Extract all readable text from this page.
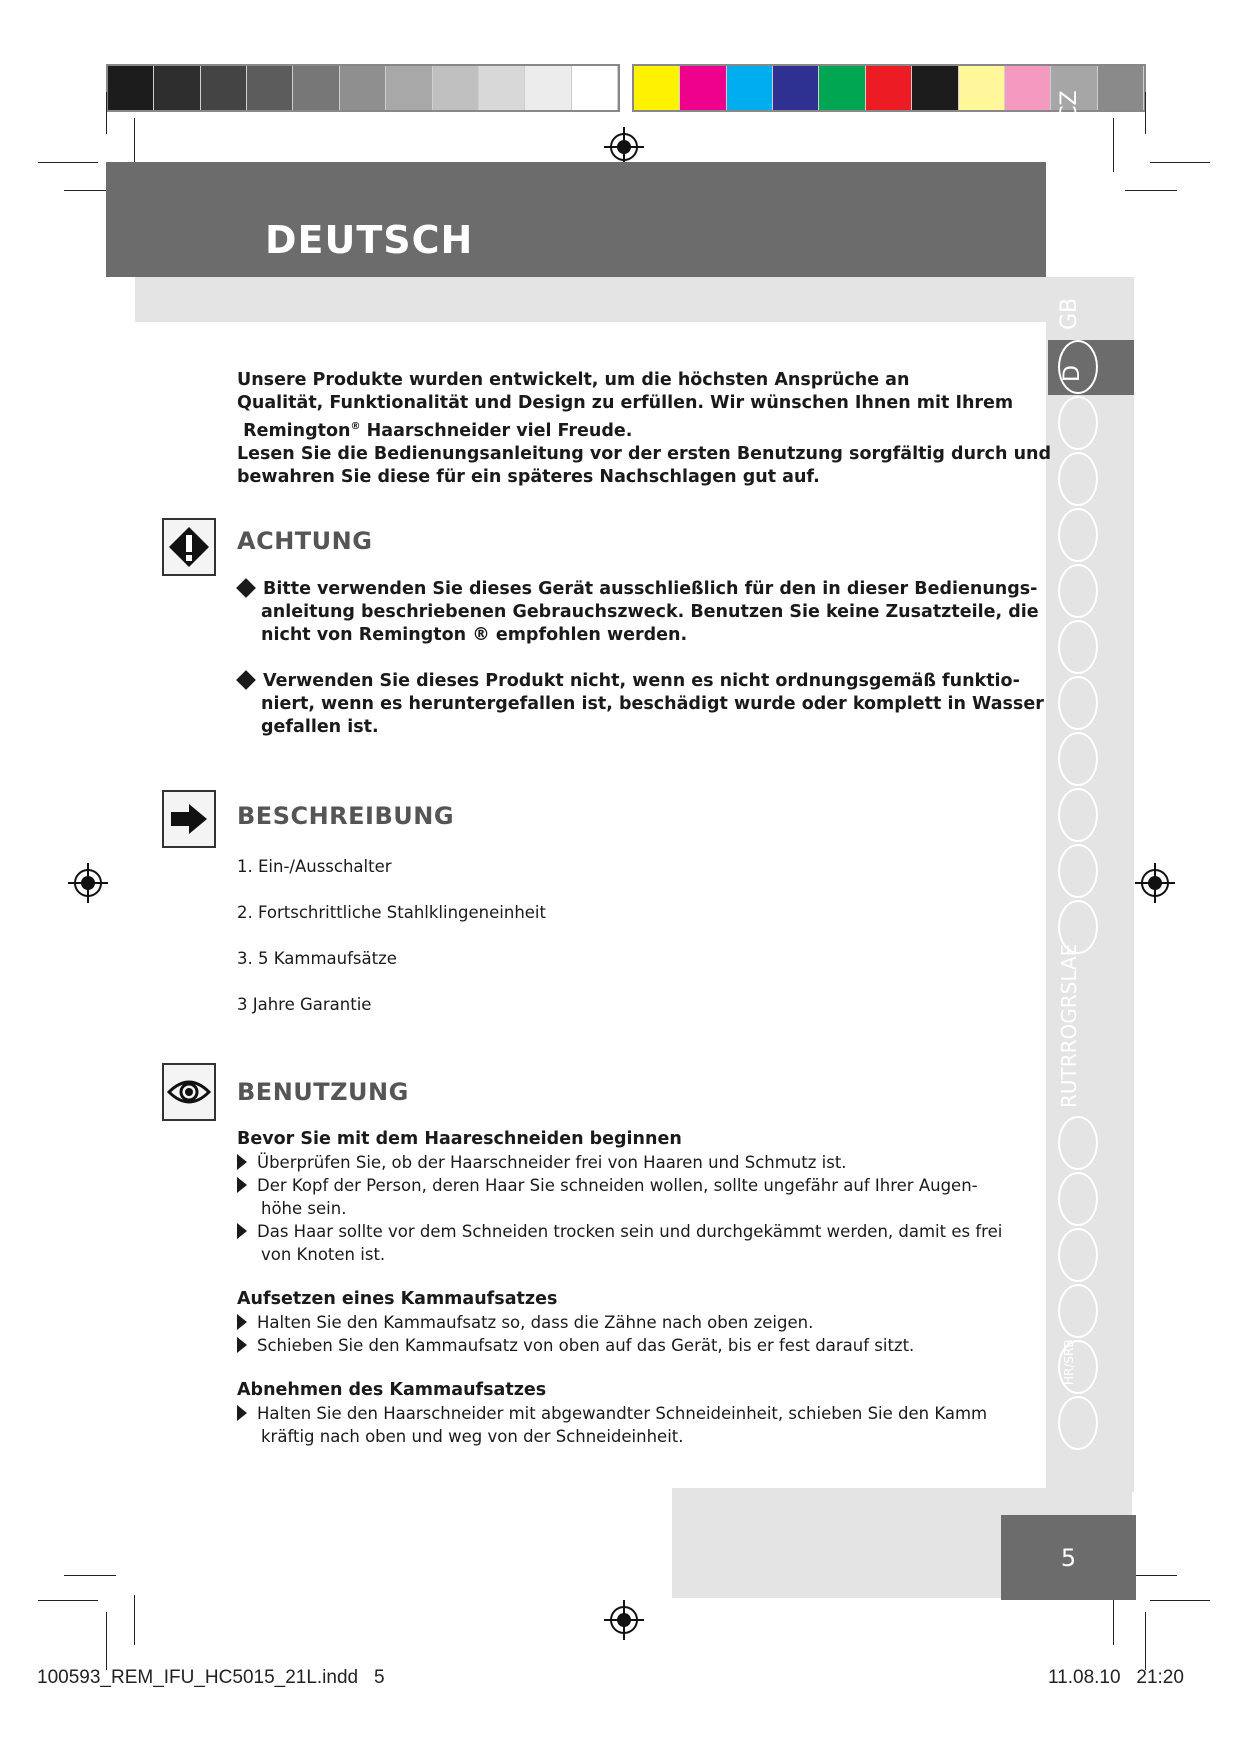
DEUTSCH
5
NLFEIDKSF
SKCZ
GB
D
RUTRROGRSLAE
HR/SRB
Unsere Produkte wurden entwickelt, um die höchsten Ansprüche an
Qualität, Funktionalität und Design zu erfüllen. Wir wünschen Ihnen mit Ihrem
Remington® Haarschneider viel Freude.
Lesen Sie die Bedienungsanleitung vor der ersten Benutzung sorgfältig durch und
bewahren Sie diese für ein späteres Nachschlagen gut auf.
ACHTUNG
Bitte verwenden Sie dieses Gerät ausschließlich für den in dieser Bedienungs-
anleitung beschriebenen Gebrauchszweck. Benutzen Sie keine Zusatzteile, die
nicht von Remington ® empfohlen werden.
Verwenden Sie dieses Produkt nicht, wenn es nicht ordnungsgemäß funktio-
niert, wenn es heruntergefallen ist, beschädigt wurde oder komplett in Wasser
gefallen ist.
BESCHREIBUNG
1. Ein-/Ausschalter
2. Fortschrittliche Stahlklingeneinheit
3. 5 Kammaufsätze
3 Jahre Garantie
BENUTZUNG
Bevor Sie mit dem Haareschneiden beginnen
Überprüfen Sie, ob der Haarschneider frei von Haaren und Schmutz ist.
Der Kopf der Person, deren Haar Sie schneiden wollen, sollte ungefähr auf Ihrer Augen-
höhe sein.
Das Haar sollte vor dem Schneiden trocken sein und durchgekämmt werden, damit es frei
von Knoten ist.
Aufsetzen eines Kammaufsatzes
Halten Sie den Kammaufsatz so, dass die Zähne nach oben zeigen.
Schieben Sie den Kammaufsatz von oben auf das Gerät, bis er fest darauf sitzt.
Abnehmen des Kammaufsatzes
Halten Sie den Haarschneider mit abgewandter Schneideinheit, schieben Sie den Kamm
kräftig nach oben und weg von der Schneideinheit.
100593_REM_IFU_HC5015_21L.indd   5	11.08.10   21:20
